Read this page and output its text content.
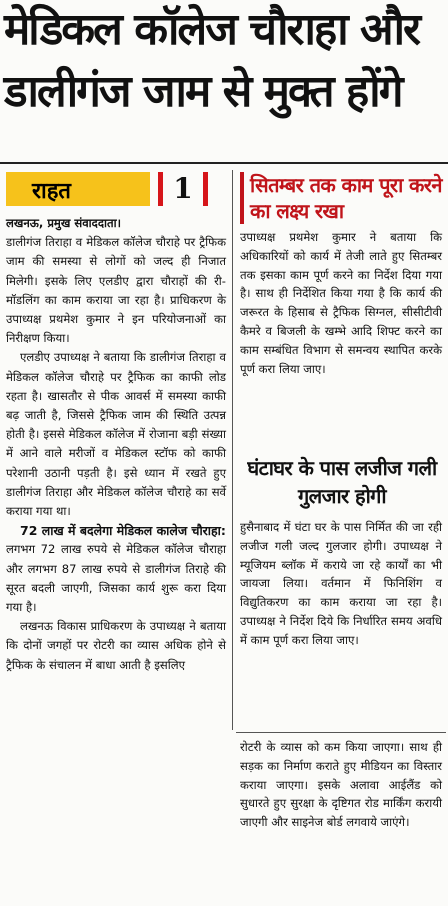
मेडिकल कॉलेज चौराहा और
डालीगंज जाम से मुक्त होंगे
राहत	1

लखनऊ, प्रमुख संवाददाता।

डालीगंज तिराहा व मेडिकल कॉलेज चौराहे पर ट्रैफिक जाम की समस्या से लोगों को जल्द ही निजात मिलेगी। इसके लिए एलडीए द्वारा चौराहों की री-मॉडलिंग का काम कराया जा रहा है। प्राधिकरण के उपाध्यक्ष प्रथमेश कुमार ने इन परियोजनाओं का निरीक्षण किया।

एलडीए उपाध्यक्ष ने बताया कि डालीगंज तिराहा व मेडिकल कॉलेज चौराहे पर ट्रैफिक का काफी लोड रहता है। खासतौर से पीक आवर्स में समस्या काफी बढ़ जाती है, जिससे ट्रैफिक जाम की स्थिति उत्पन्न होती है। इससे मेडिकल कॉलेज में रोजाना बड़ी संख्या में आने वाले मरीजों व मेडिकल स्टॉफ को काफी परेशानी उठानी पड़ती है। इसे ध्यान में रखते हुए डालीगंज तिराहा और मेडिकल कॉलेज चौराहे का सर्वे कराया गया था।

72 लाख में बदलेगा मेडिकल कालेज चौराहा:

लगभग 72 लाख रुपये से मेडिकल कॉलेज चौराहा और लगभग 87 लाख रुपये से डालीगंज तिराहे की सूरत बदली जाएगी, जिसका कार्य शुरू करा दिया गया है।

लखनऊ विकास प्राधिकरण के उपाध्यक्ष ने बताया कि दोनों जगहों पर रोटरी का व्यास अधिक होने से ट्रैफिक के संचालन में बाधा आती है इसलिए

सितम्बर तक काम पूरा करने का लक्ष्य रखा

उपाध्यक्ष प्रथमेश कुमार ने बताया कि अधिकारियों को कार्य में तेजी लाते हुए सितम्बर तक इसका काम पूर्ण करने का निर्देश दिया गया है। साथ ही निर्देशित किया गया है कि कार्य की जरूरत के हिसाब से ट्रैफिक सिग्नल, सीसीटीवी कैमरे व बिजली के खम्भे आदि शिफ्ट करने का काम सम्बंधित विभाग से समन्वय स्थापित करके पूर्ण करा लिया जाए।

घंटाघर के पास लजीज गली गुलजार होगी

हुसैनाबाद में घंटा घर के पास निर्मित की जा रही लजीज गली जल्द गुलजार होगी। उपाध्यक्ष ने म्यूजियम ब्लॉक में कराये जा रहे कार्यों का भी जायजा लिया। वर्तमान में फिनिशिंग व विद्युतिकरण का काम कराया जा रहा है। उपाध्यक्ष ने निर्देश दिये कि निर्धारित समय अवधि में काम पूर्ण करा लिया जाए।

रोटरी के व्यास को कम किया जाएगा। साथ ही सड़क का निर्माण कराते हुए मीडियन का विस्तार कराया जाएगा। इसके अलावा आईलैंड को सुधारते हुए सुरक्षा के दृष्टिगत रोड मार्किंग करायी जाएगी और साइनेज बोर्ड लगवाये जाएंगे।
